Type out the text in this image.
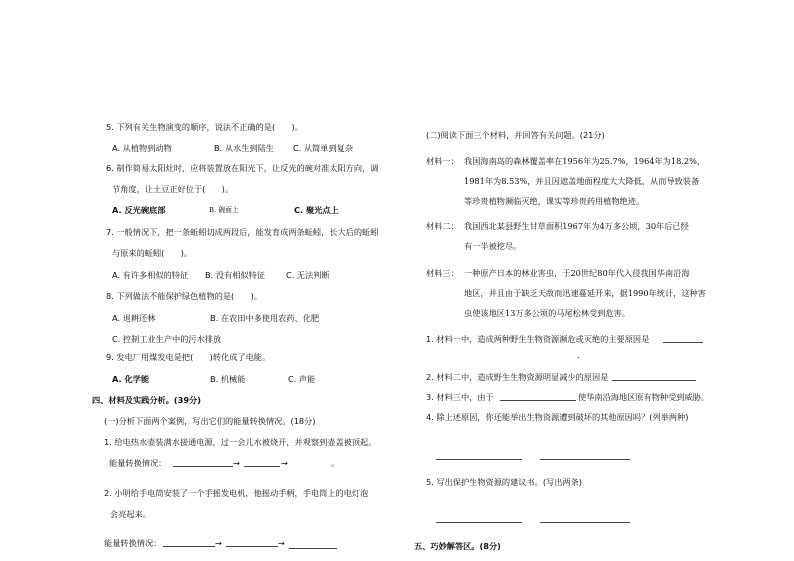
5. 下列有关生物演变的顺序，说法不正确的是(　　)。
A. 从植物到动物	B. 从水生到陆生 C. 从简单到复杂
6. 制作简易太阳灶时，应将装置放在阳光下，让反光的碗对准太阳方向，调
节角度，让土豆正好位于(　　)。
A. 反光碗底部	B. 碗面上	C. 聚光点上
7. 一般情况下，把一条蚯蚓切成两段后，能发育成两条蚯蚓，长大后的蚯蚓
与原来的蚯蚓(　　)。
A. 有许多相似的特征 B. 没有相似特征	C. 无法判断
8. 下列做法不能保护绿色植物的是(　　)。
A. 退耕还林	B. 在农田中多使用农药、化肥
C. 控制工业生产中的污水排放
9. 发电厂用煤发电是把(　　)转化成了电能。
A. 化学能	B. 机械能	C. 声能
四、材料及实践分析。(39分)
(一)分析下面两个案例，写出它们的能量转换情况。(18分)
1. 给电热水壶装满水接通电源，过一会儿水被烧开，并观察到壶盖被顶起。
能量转换情况：	→	→	。
2. 小明给手电筒安装了一个手摇发电机，他摇动手柄，手电筒上的电灯泡
会亮起来。
能量转换情况：	→	→
(二)阅读下面三个材料，并回答有关问题。(21分)
材料一： 我国海南岛的森林覆盖率在1956年为25.7%，1964年为18.2%，
1981年为8.53%，并且因遮盖地面程度大大降低，从而导致装备
等珍贵植物濒临灭绝，课实等珍贵药用植物绝迹。
材料二： 我国西北某县野生甘草面积1967年为4万多公顷，30年后已经
有一半被挖尽。
材料三： 一种原产日本的林业害虫，于20世纪80年代入侵我国华南沿海
地区，并且由于缺乏天敌而迅速蔓延开来，据1990年统计，这种害
虫使该地区13万多公顷的马尾松林受到危害。
1. 材料一中，造成两种野生生物资源濒危或灭绝的主要原因是
.
2. 材料二中，造成野生生物资源明显减少的原因是
3. 材料三中，由于	使华南沿海地区原有物种受到威胁。
4. 除上述原因，你还能举出生物资源遭到破坏的其他原因吗？(列举两种)
5. 写出保护生物资源的建议书。(写出两条)
五、巧妙解答区。(8分)
